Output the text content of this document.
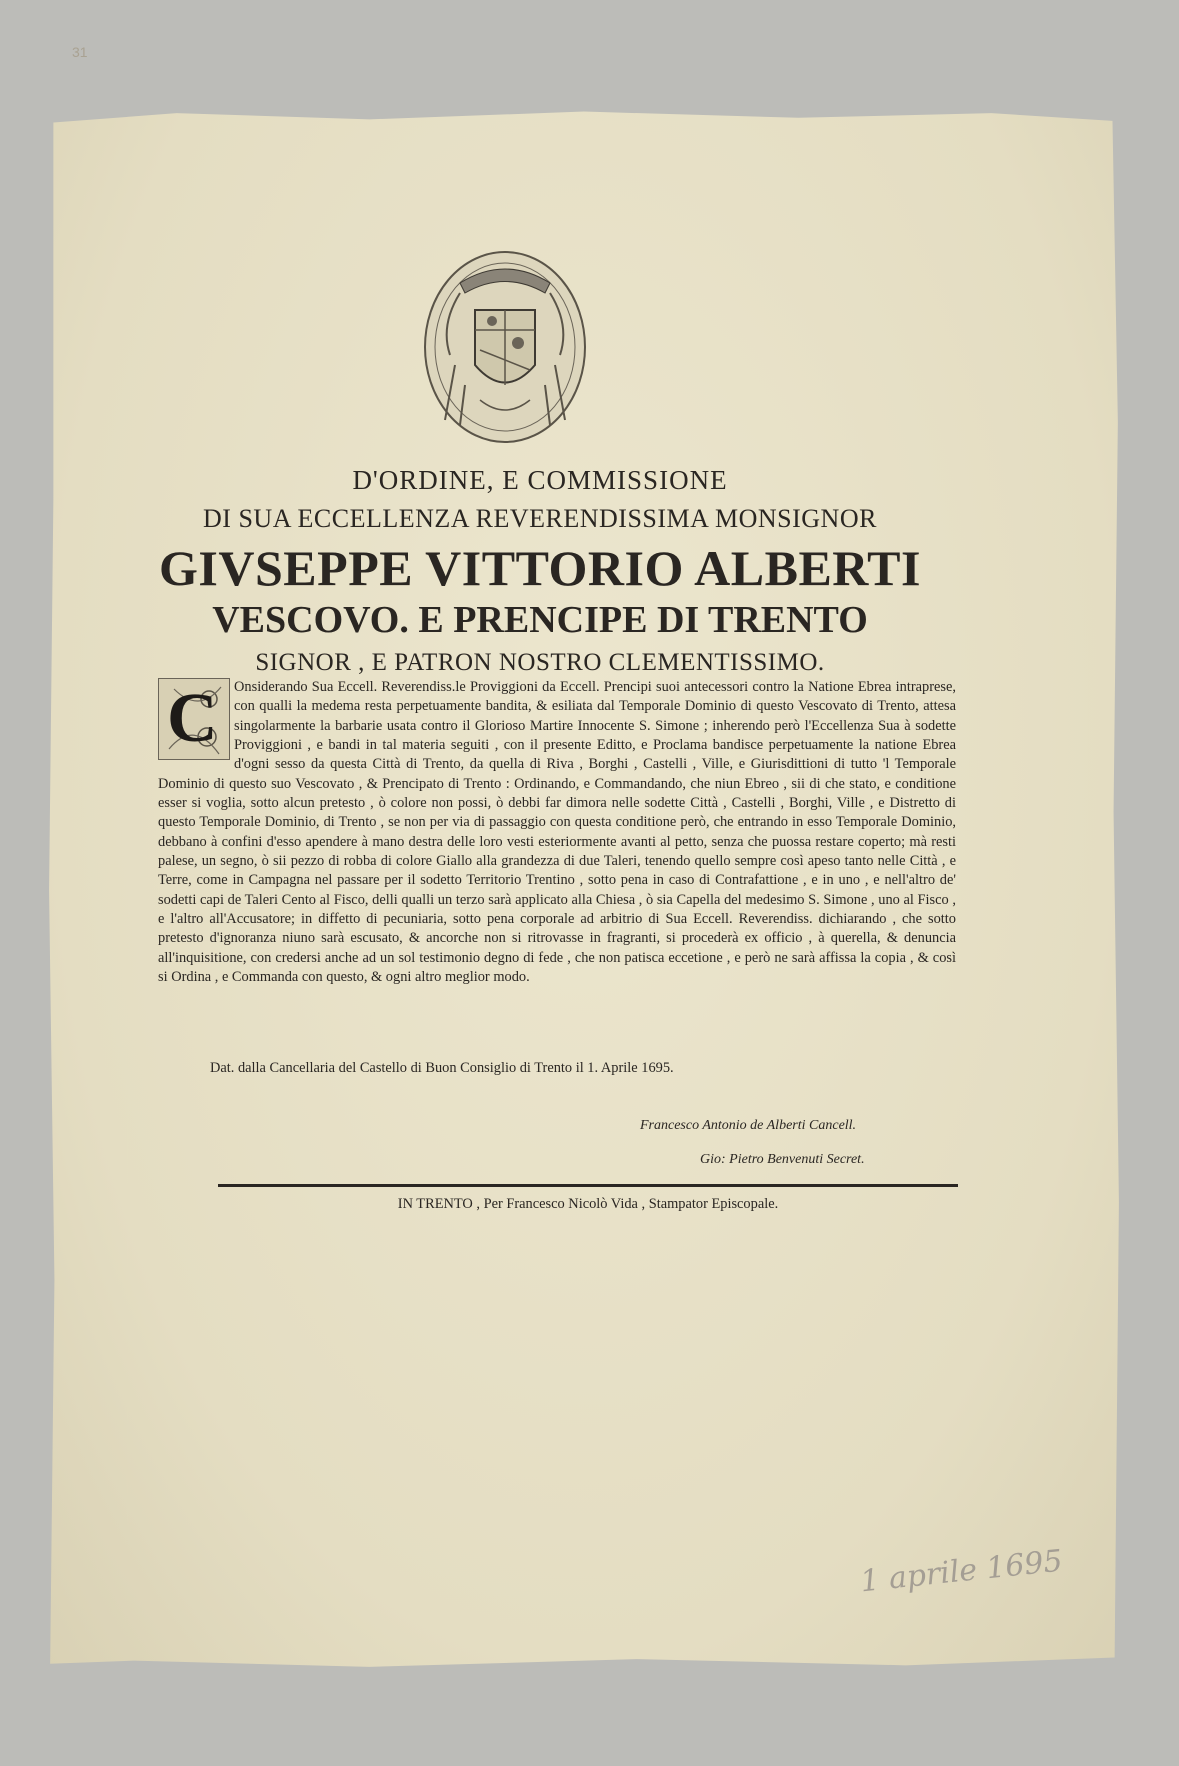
31
D'ORDINE, E COMMISSIONE
DI SUA ECCELLENZA REVERENDISSIMA MONSIGNOR
GIVSEPPE VITTORIO ALBERTI
VESCOVO. E PRENCIPE DI TRENTO
SIGNOR , E PATRON NOSTRO CLEMENTISSIMO.
C Onsiderando Sua Eccell. Reverendiss.le Proviggioni da Eccell. Prencipi suoi antecessori contro la Natione Ebrea intraprese, con qualli la medema resta perpetuamente bandita, & esiliata dal Temporale Dominio di questo Vescovato di Trento, attesa singolarmente la barbarie usata contro il Glorioso Martire Innocente S. Simone ; inherendo però l'Eccellenza Sua à sodette Proviggioni , e bandi in tal materia seguiti , con il presente Editto, e Proclama bandisce perpetuamente la natione Ebrea d'ogni sesso da questa Città di Trento, da quella di Riva , Borghi , Castelli , Ville, e Giurisdittioni di tutto 'l Temporale Dominio di questo suo Vescovato , & Prencipato di Trento : Ordinando, e Commandando, che niun Ebreo , sii di che stato, e conditione esser si voglia, sotto alcun pretesto , ò colore non possi, ò debbi far dimora nelle sodette Città , Castelli , Borghi, Ville , e Distretto di questo Temporale Dominio, di Trento , se non per via di passaggio con questa conditione però, che entrando in esso Temporale Dominio, debbano à confini d'esso apendere à mano destra delle loro vesti esteriormente avanti al petto, senza che puossa restare coperto; mà resti palese, un segno, ò sii pezzo di robba di colore Giallo alla grandezza di due Taleri, tenendo quello sempre così apeso tanto nelle Città , e Terre, come in Campagna nel passare per il sodetto Territorio Trentino , sotto pena in caso di Contrafattione , e in uno , e nell'altro de' sodetti capi de Taleri Cento al Fisco, delli qualli un terzo sarà applicato alla Chiesa , ò sia Capella del medesimo S. Simone , uno al Fisco , e l'altro all'Accusatore; in diffetto di pecuniaria, sotto pena corporale ad arbitrio di Sua Eccell. Reverendiss. dichiarando , che sotto pretesto d'ignoranza niuno sarà escusato, & ancorche non si ritrovasse in fragranti, si procederà ex officio , à querella, & denuncia all'inquisitione, con credersi anche ad un sol testimonio degno di fede , che non patisca eccetione , e però ne sarà affissa la copia , & così si Ordina , e Commanda con questo, & ogni altro meglior modo.
Dat. dalla Cancellaria del Castello di Buon Consiglio di Trento il 1. Aprile 1695.
Francesco Antonio de Alberti Cancell.
Gio: Pietro Benvenuti Secret.
IN TRENTO , Per Francesco Nicolò Vida , Stampator Episcopale.
1 aprile 1695
